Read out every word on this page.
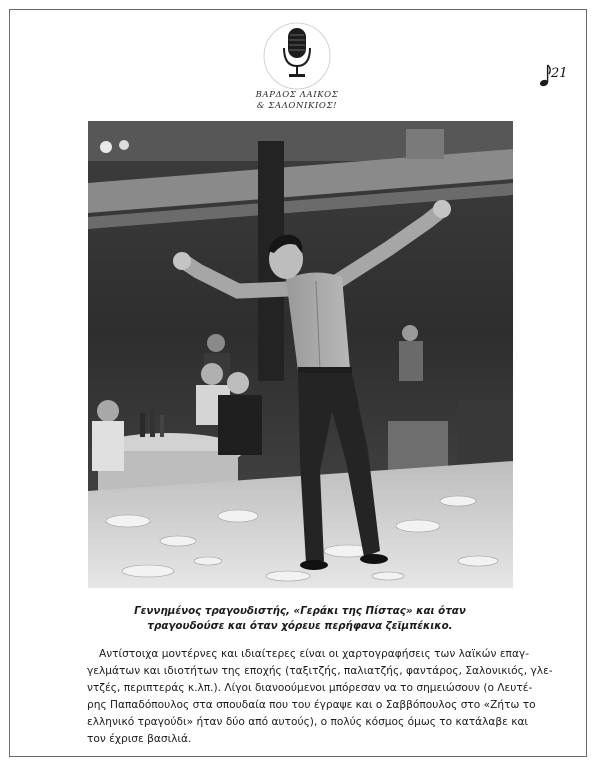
ΒΑΡΔΟΣ ΛΑΙΚΟΣ
& ΣΑΛΟΝΙΚΙΟΣ!
21
Γεννημένος τραγουδιστής, «Γεράκι της Πίστας» και όταν
τραγουδούσε και όταν χόρευε περήφανα ζεϊμπέκικο.
Αντίστοιχα μοντέρνες και ιδιαίτερες είναι οι χαρτογραφήσεις των λαϊκών επαγ-
γελμάτων και ιδιοτήτων της εποχής (ταξιτζής, παλιατζής, φαντάρος, Σαλονικιός, γλε-
ντζές, περιπτεράς κ.λπ.). Λίγοι διανοούμενοι μπόρεσαν να το σημειώσουν (ο Λευτέ-
ρης Παπαδόπουλος στα σπουδαία που του έγραψε και ο Σαββόπουλος στο «Ζήτω το
ελληνικό τραγούδι» ήταν δύο από αυτούς), ο πολύς κόσμος όμως το κατάλαβε και
τον έχρισε βασιλιά.
